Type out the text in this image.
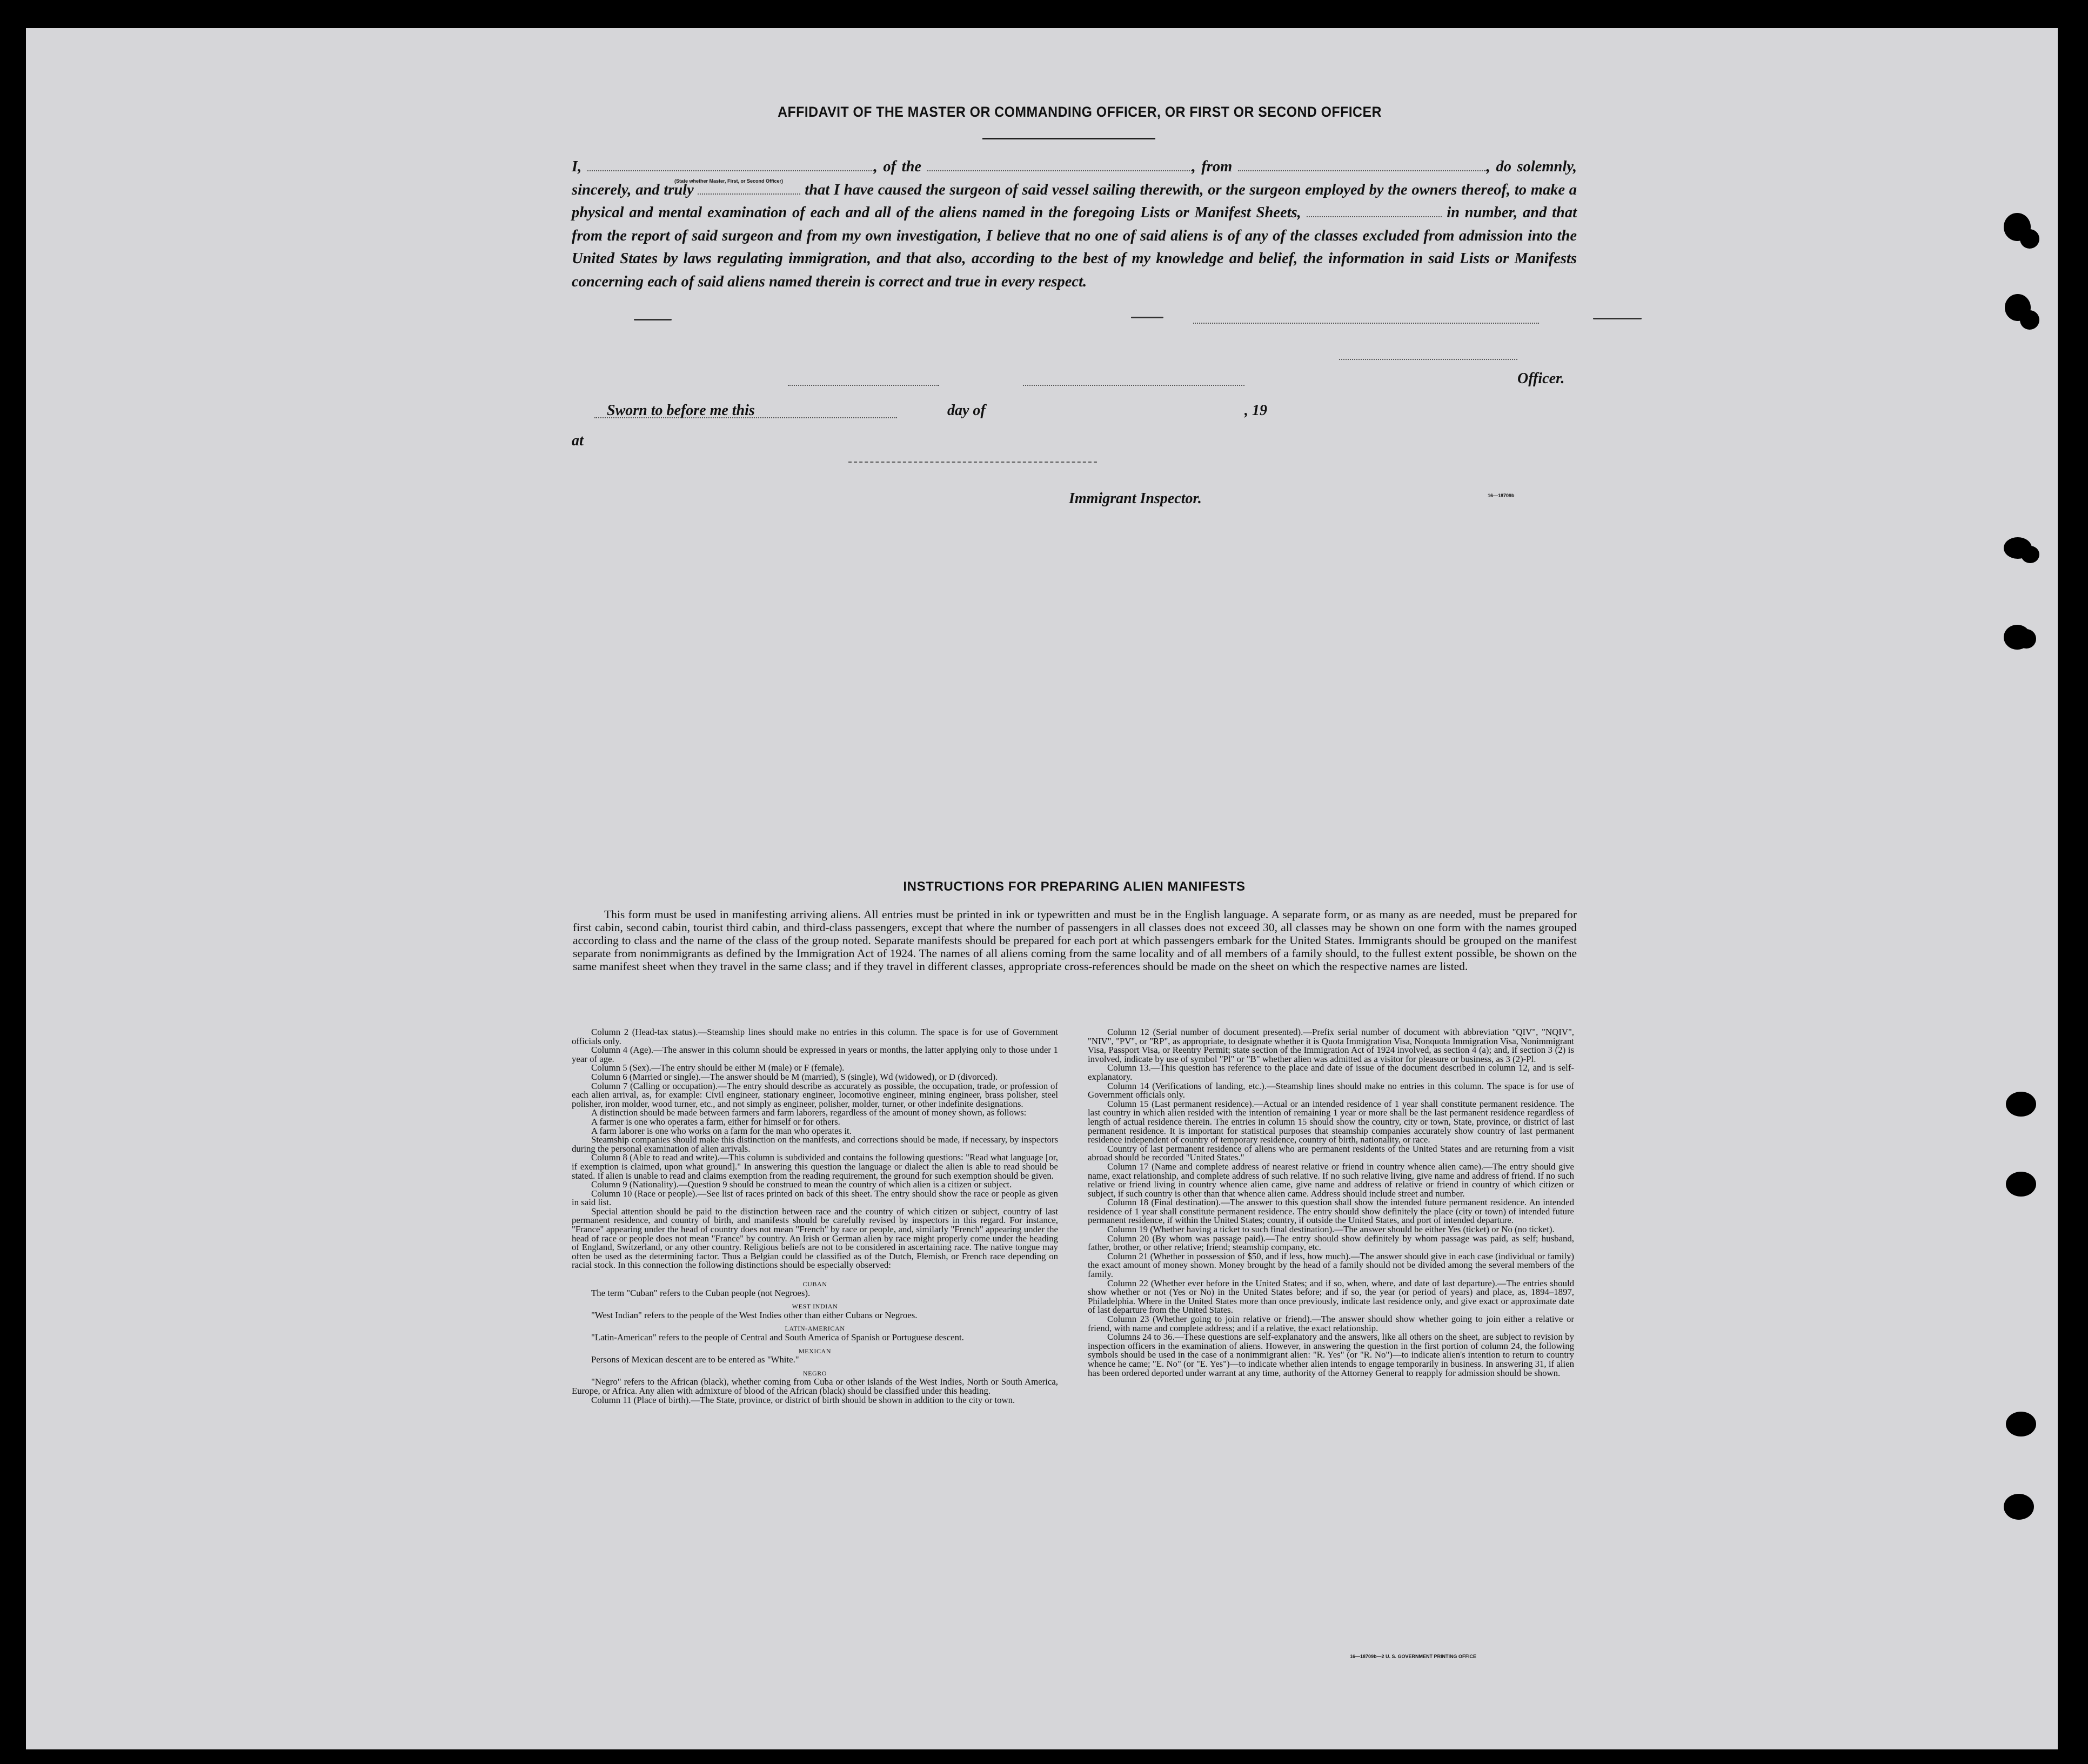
AFFIDAVIT OF THE MASTER OR COMMANDING OFFICER, OR FIRST OR SECOND OFFICER

I,	, of the	, from	, do solemnly, sincerely, and truly	that I have caused the surgeon of said vessel sailing therewith, or the surgeon employed by the owners thereof, to make a physical and mental examination of each and all of the aliens named in the foregoing Lists or Manifest Sheets,	in number, and that from the report of said surgeon and from my own investigation, I believe that no one of said aliens is of any of the classes excluded from admission into the United States by laws regulating immigration, and that also, according to the best of my knowledge and belief, the information in said Lists or Manifests concerning each of said aliens named therein is correct and true in every respect.

(State whether Master, First, or Second Officer)
Officer.
Sworn to before me this	day of	, 19
at
Immigrant Inspector.	16—18709b
INSTRUCTIONS FOR PREPARING ALIEN MANIFESTS

This form must be used in manifesting arriving aliens. All entries must be printed in ink or typewritten and must be in the English language. A separate form, or as many as are needed, must be prepared for first cabin, second cabin, tourist third cabin, and third-class passengers, except that where the number of passengers in all classes does not exceed 30, all classes may be shown on one form with the names grouped according to class and the name of the class of the group noted. Separate manifests should be prepared for each port at which passengers embark for the United States. Immigrants should be grouped on the manifest separate from nonimmigrants as defined by the Immigration Act of 1924. The names of all aliens coming from the same locality and of all members of a family should, to the fullest extent possible, be shown on the same manifest sheet when they travel in the same class; and if they travel in different classes, appropriate cross-references should be made on the sheet on which the respective names are listed.

Column 2 (Head-tax status).—Steamship lines should make no entries in this column. The space is for use of Government officials only.

Column 4 (Age).—The answer in this column should be expressed in years or months, the latter applying only to those under 1 year of age.

Column 5 (Sex).—The entry should be either M (male) or F (female).

Column 6 (Married or single).—The answer should be M (married), S (single), Wd (widowed), or D (divorced).

Column 7 (Calling or occupation).—The entry should describe as accurately as possible, the occupation, trade, or profession of each alien arrival, as, for example: Civil engineer, stationary engineer, locomotive engineer, mining engineer, brass polisher, steel polisher, iron molder, wood turner, etc., and not simply as engineer, polisher, molder, turner, or other indefinite designations.

A distinction should be made between farmers and farm laborers, regardless of the amount of money shown, as follows:

A farmer is one who operates a farm, either for himself or for others.

A farm laborer is one who works on a farm for the man who operates it.

Steamship companies should make this distinction on the manifests, and corrections should be made, if necessary, by inspectors during the personal examination of alien arrivals.

Column 8 (Able to read and write).—This column is subdivided and contains the following questions: "Read what language [or, if exemption is claimed, upon what ground]." In answering this question the language or dialect the alien is able to read should be stated. If alien is unable to read and claims exemption from the reading requirement, the ground for such exemption should be given.

Column 9 (Nationality).—Question 9 should be construed to mean the country of which alien is a citizen or subject.

Column 10 (Race or people).—See list of races printed on back of this sheet. The entry should show the race or people as given in said list.

Special attention should be paid to the distinction between race and the country of which citizen or subject, country of last permanent residence, and country of birth, and manifests should be carefully revised by inspectors in this regard. For instance, "France" appearing under the head of country does not mean "French" by race or people, and, similarly "French" appearing under the head of race or people does not mean "France" by country. An Irish or German alien by race might properly come under the heading of England, Switzerland, or any other country. Religious beliefs are not to be considered in ascertaining race. The native tongue may often be used as the determining factor. Thus a Belgian could be classified as of the Dutch, Flemish, or French race depending on racial stock. In this connection the following distinctions should be especially observed:

CUBAN

The term "Cuban" refers to the Cuban people (not Negroes).

WEST INDIAN

"West Indian" refers to the people of the West Indies other than either Cubans or Negroes.

LATIN-AMERICAN

"Latin-American" refers to the people of Central and South America of Spanish or Portuguese descent.

MEXICAN

Persons of Mexican descent are to be entered as "White."

NEGRO

"Negro" refers to the African (black), whether coming from Cuba or other islands of the West Indies, North or South America, Europe, or Africa. Any alien with admixture of blood of the African (black) should be classified under this heading.

Column 11 (Place of birth).—The State, province, or district of birth should be shown in addition to the city or town.

Column 12 (Serial number of document presented).—Prefix serial number of document with abbreviation "QIV", "NQIV", "NIV", "PV", or "RP", as appropriate, to designate whether it is Quota Immigration Visa, Nonquota Immigration Visa, Nonimmigrant Visa, Passport Visa, or Reentry Permit; state section of the Immigration Act of 1924 involved, as section 4 (a); and, if section 3 (2) is involved, indicate by use of symbol "Pl" or "B" whether alien was admitted as a visitor for pleasure or business, as 3 (2)-Pl.

Column 13.—This question has reference to the place and date of issue of the document described in column 12, and is self-explanatory.

Column 14 (Verifications of landing, etc.).—Steamship lines should make no entries in this column. The space is for use of Government officials only.

Column 15 (Last permanent residence).—Actual or an intended residence of 1 year shall constitute permanent residence. The last country in which alien resided with the intention of remaining 1 year or more shall be the last permanent residence regardless of length of actual residence therein. The entries in column 15 should show the country, city or town, State, province, or district of last permanent residence. It is important for statistical purposes that steamship companies accurately show country of last permanent residence independent of country of temporary residence, country of birth, nationality, or race.

Country of last permanent residence of aliens who are permanent residents of the United States and are returning from a visit abroad should be recorded "United States."

Column 17 (Name and complete address of nearest relative or friend in country whence alien came).—The entry should give name, exact relationship, and complete address of such relative. If no such relative living, give name and address of friend. If no such relative or friend living in country whence alien came, give name and address of relative or friend in country of which citizen or subject, if such country is other than that whence alien came. Address should include street and number.

Column 18 (Final destination).—The answer to this question shall show the intended future permanent residence. An intended residence of 1 year shall constitute permanent residence. The entry should show definitely the place (city or town) of intended future permanent residence, if within the United States; country, if outside the United States, and port of intended departure.

Column 19 (Whether having a ticket to such final destination).—The answer should be either Yes (ticket) or No (no ticket).

Column 20 (By whom was passage paid).—The entry should show definitely by whom passage was paid, as self; husband, father, brother, or other relative; friend; steamship company, etc.

Column 21 (Whether in possession of $50, and if less, how much).—The answer should give in each case (individual or family) the exact amount of money shown. Money brought by the head of a family should not be divided among the several members of the family.

Column 22 (Whether ever before in the United States; and if so, when, where, and date of last departure).—The entries should show whether or not (Yes or No) in the United States before; and if so, the year (or period of years) and place, as, 1894–1897, Philadelphia. Where in the United States more than once previously, indicate last residence only, and give exact or approximate date of last departure from the United States.

Column 23 (Whether going to join relative or friend).—The answer should show whether going to join either a relative or friend, with name and complete address; and if a relative, the exact relationship.

Columns 24 to 36.—These questions are self-explanatory and the answers, like all others on the sheet, are subject to revision by inspection officers in the examination of aliens. However, in answering the question in the first portion of column 24, the following symbols should be used in the case of a nonimmigrant alien: "R. Yes" (or "R. No")—to indicate alien's intention to return to country whence he came; "E. No" (or "E. Yes")—to indicate whether alien intends to engage temporarily in business. In answering 31, if alien has been ordered deported under warrant at any time, authority of the Attorney General to reapply for admission should be shown.

16—18709b—2 U. S. GOVERNMENT PRINTING OFFICE
